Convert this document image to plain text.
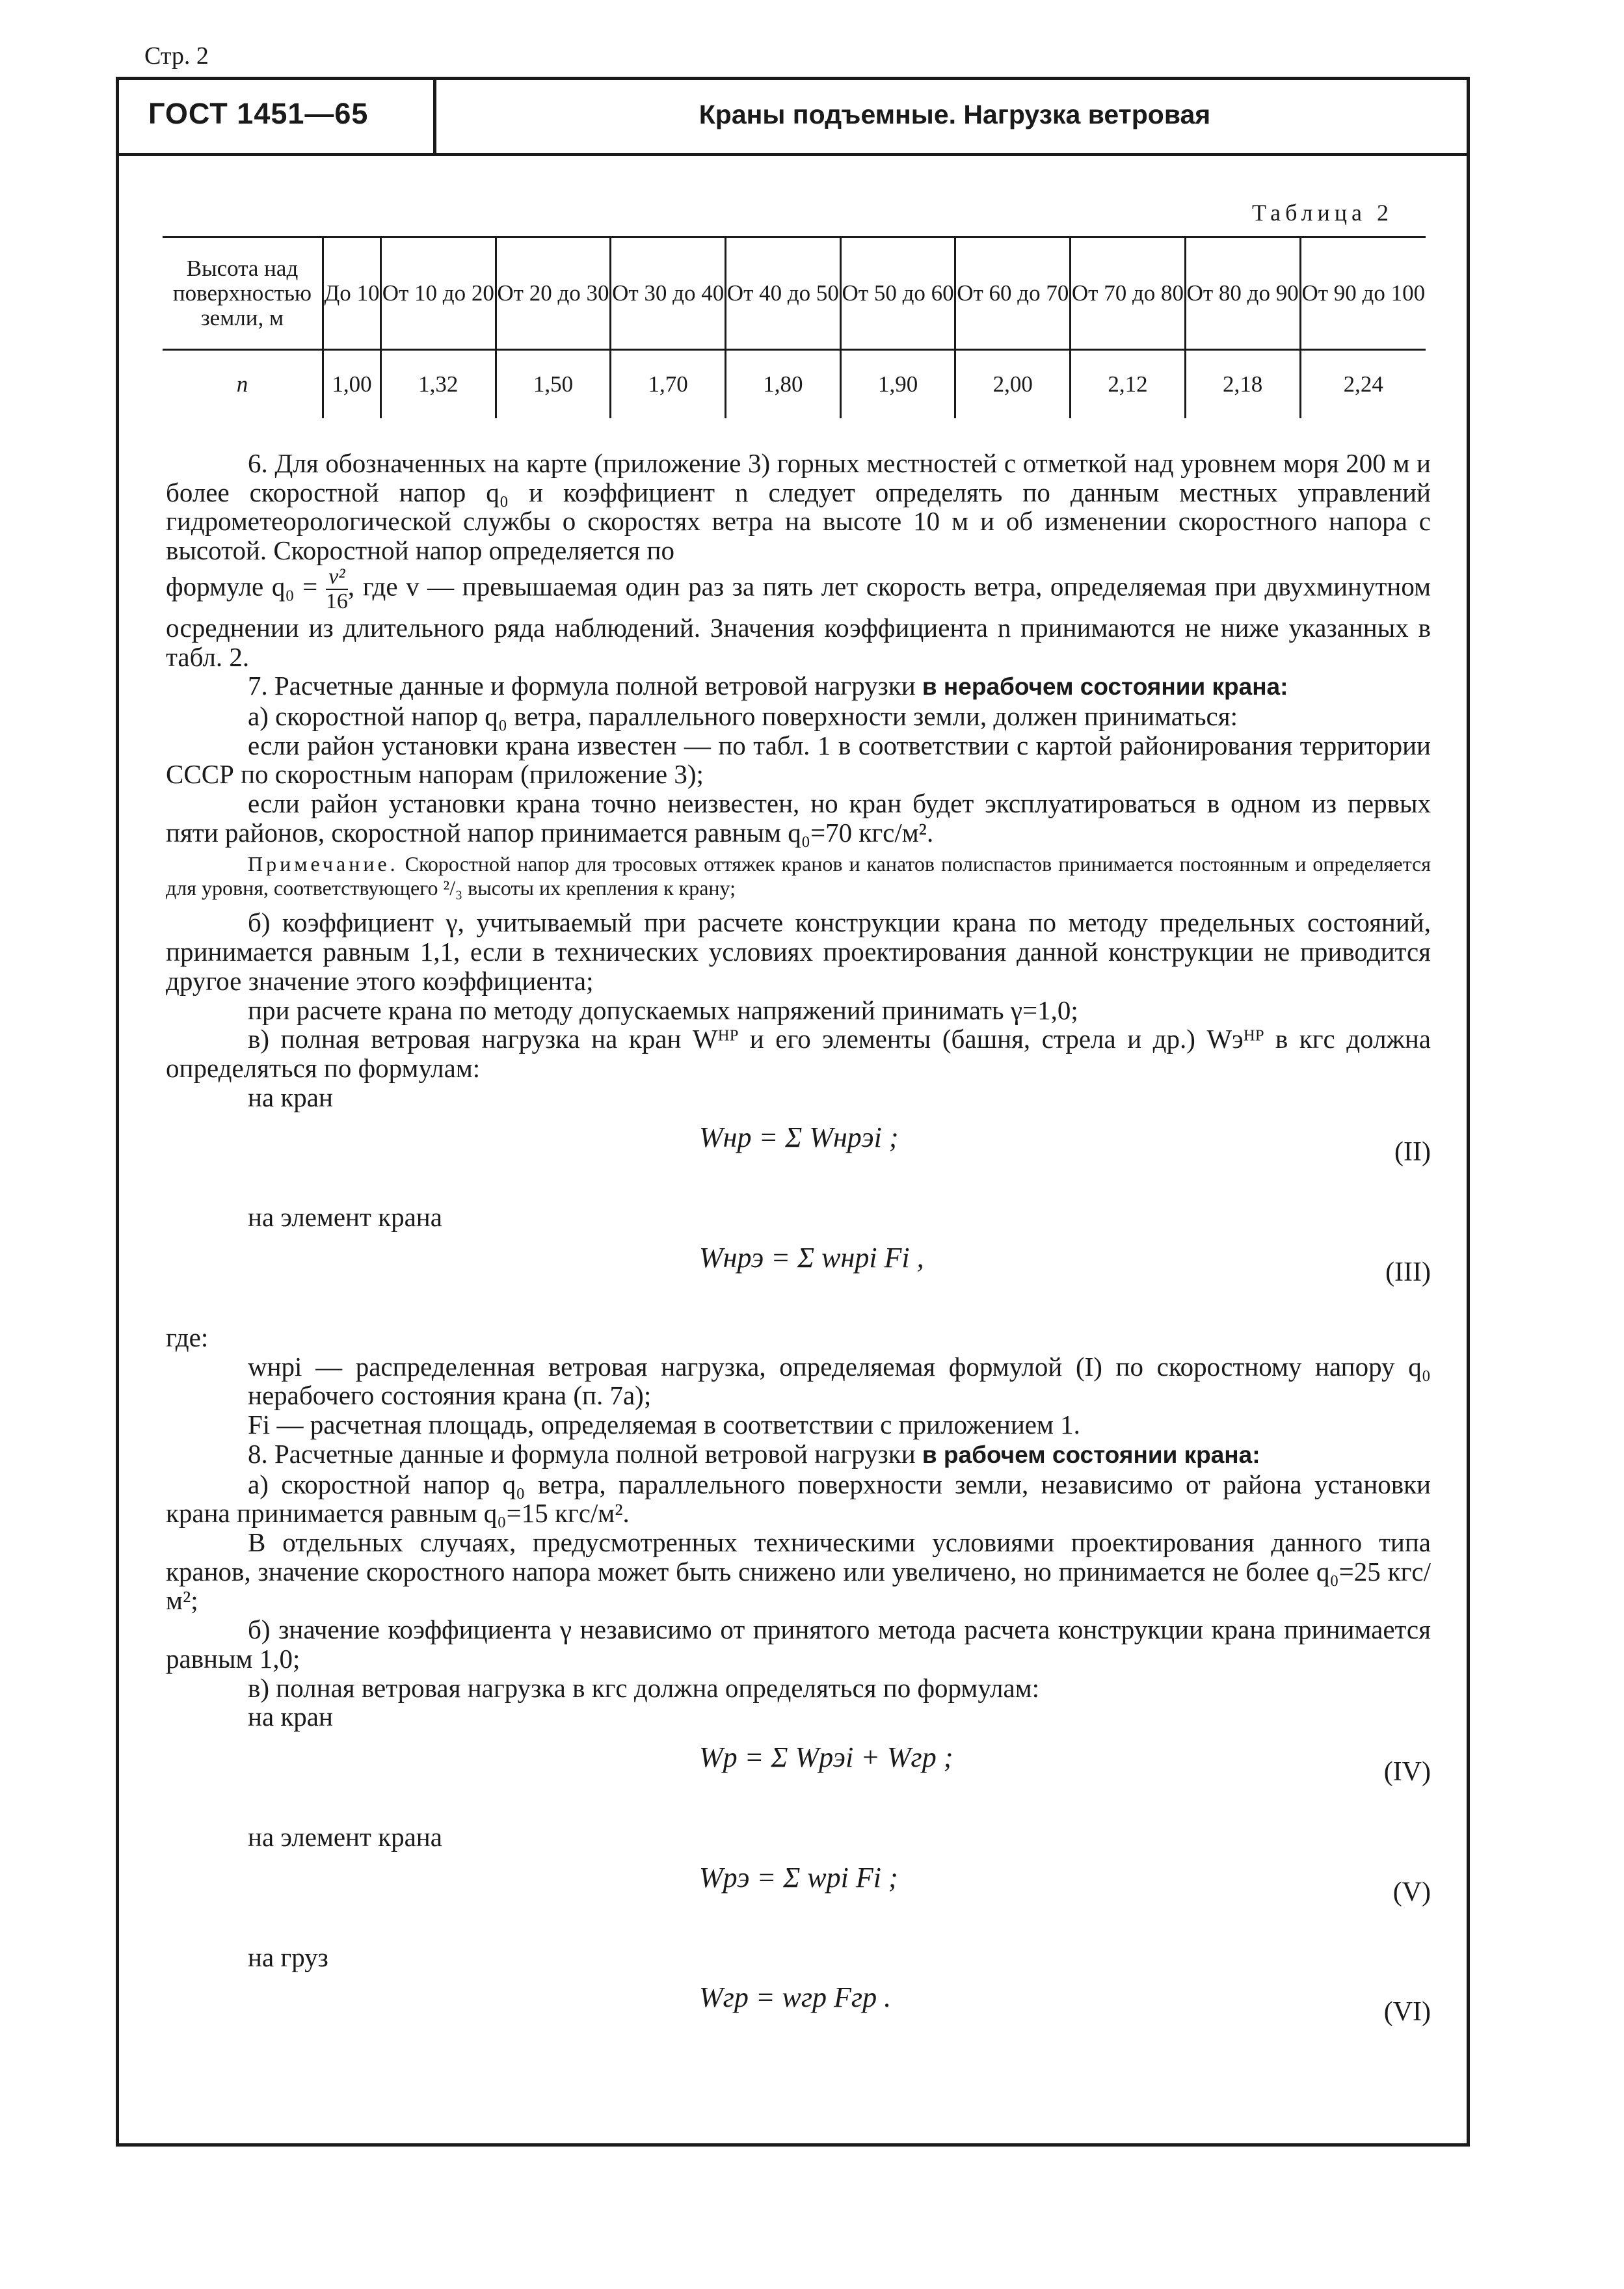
Стр. 2
ГОСТ 1451—65	Краны подъемные. Нагрузка ветровая
Таблица 2
Высота над поверхностью земли, м	До 10	От 10 до 20	От 20 до 30	От 30 до 40	От 40 до 50	От 50 до 60	От 60 до 70	От 70 до 80	От 80 до 90	От 90 до 100
n	1,00	1,32	1,50	1,70	1,80	1,90	2,00	2,12	2,18	2,24

6. Для обозначенных на карте (приложение 3) горных местностей с отметкой над уровнем моря 200 м и более скоростной напор q₀ и коэффициент n следует определять по данным местных управлений гидрометеорологической службы о скоростях ветра на высоте 10 м и об изменении скоростного напора с высотой. Скоростной напор определяется по

формуле $q_0 = \frac{\text{v²}}{16}$ , где v — превышаемая один раз за пять лет скорость ветра, определяемая при двухминутном осреднении из длительного ряда наблюдений. Значения коэффициента n принимаются не ниже указанных в табл. 2.

7. Расчетные данные и формула полной ветровой нагрузки в нерабочем состоянии крана:

а) скоростной напор q₀ ветра, параллельного поверхности земли, должен приниматься:

если район установки крана известен — по табл. 1 в соответствии с картой районирования территории СССР по скоростным напорам (приложение 3);

если район установки крана точно неизвестен, но кран будет эксплуатироваться в одном из первых пяти районов, скоростной напор принимается равным q₀=70 кгс/м².

Примечание. Скоростной напор для тросовых оттяжек кранов и канатов полиспастов принимается постоянным и определяется для уровня, соответствующего ²/₃ высоты их крепления к крану;

б) коэффициент γ, учитываемый при расчете конструкции крана по методу предельных состояний, принимается равным 1,1, если в технических условиях проектирования данной конструкции не приводится другое значение этого коэффициента;

при расчете крана по методу допускаемых напряжений принимать γ=1,0;

в) полная ветровая нагрузка на кран Wᴴᴾ и его элементы (башня, стрела и др.) Wэᴴᴾ в кгс должна определяться по формулам:

на кран

Wнр = Σ Wнрэi ;	(II)

на элемент крана

Wнрэ = Σ wнрi Fi ,	(III)

где:

wнрi — распределенная ветровая нагрузка, определяемая формулой (I) по скоростному напору q₀ нерабочего состояния крана (п. 7а);

Fi — расчетная площадь, определяемая в соответствии с приложением 1.

8. Расчетные данные и формула полной ветровой нагрузки в рабочем состоянии крана:

а) скоростной напор q₀ ветра, параллельного поверхности земли, независимо от района установки крана принимается равным q₀=15 кгс/м².

В отдельных случаях, предусмотренных техническими условиями проектирования данного типа кранов, значение скоростного напора может быть снижено или увеличено, но принимается не более q₀=25 кгс/м²;

б) значение коэффициента γ независимо от принятого метода расчета конструкции крана принимается равным 1,0;

в) полная ветровая нагрузка в кгс должна определяться по формулам:

на кран

Wр = Σ Wрэi + Wгр ;	(IV)

на элемент крана

Wрэ = Σ wрi Fi ;	(V)

на груз

Wгр = wгр Fгр .	(VI)
